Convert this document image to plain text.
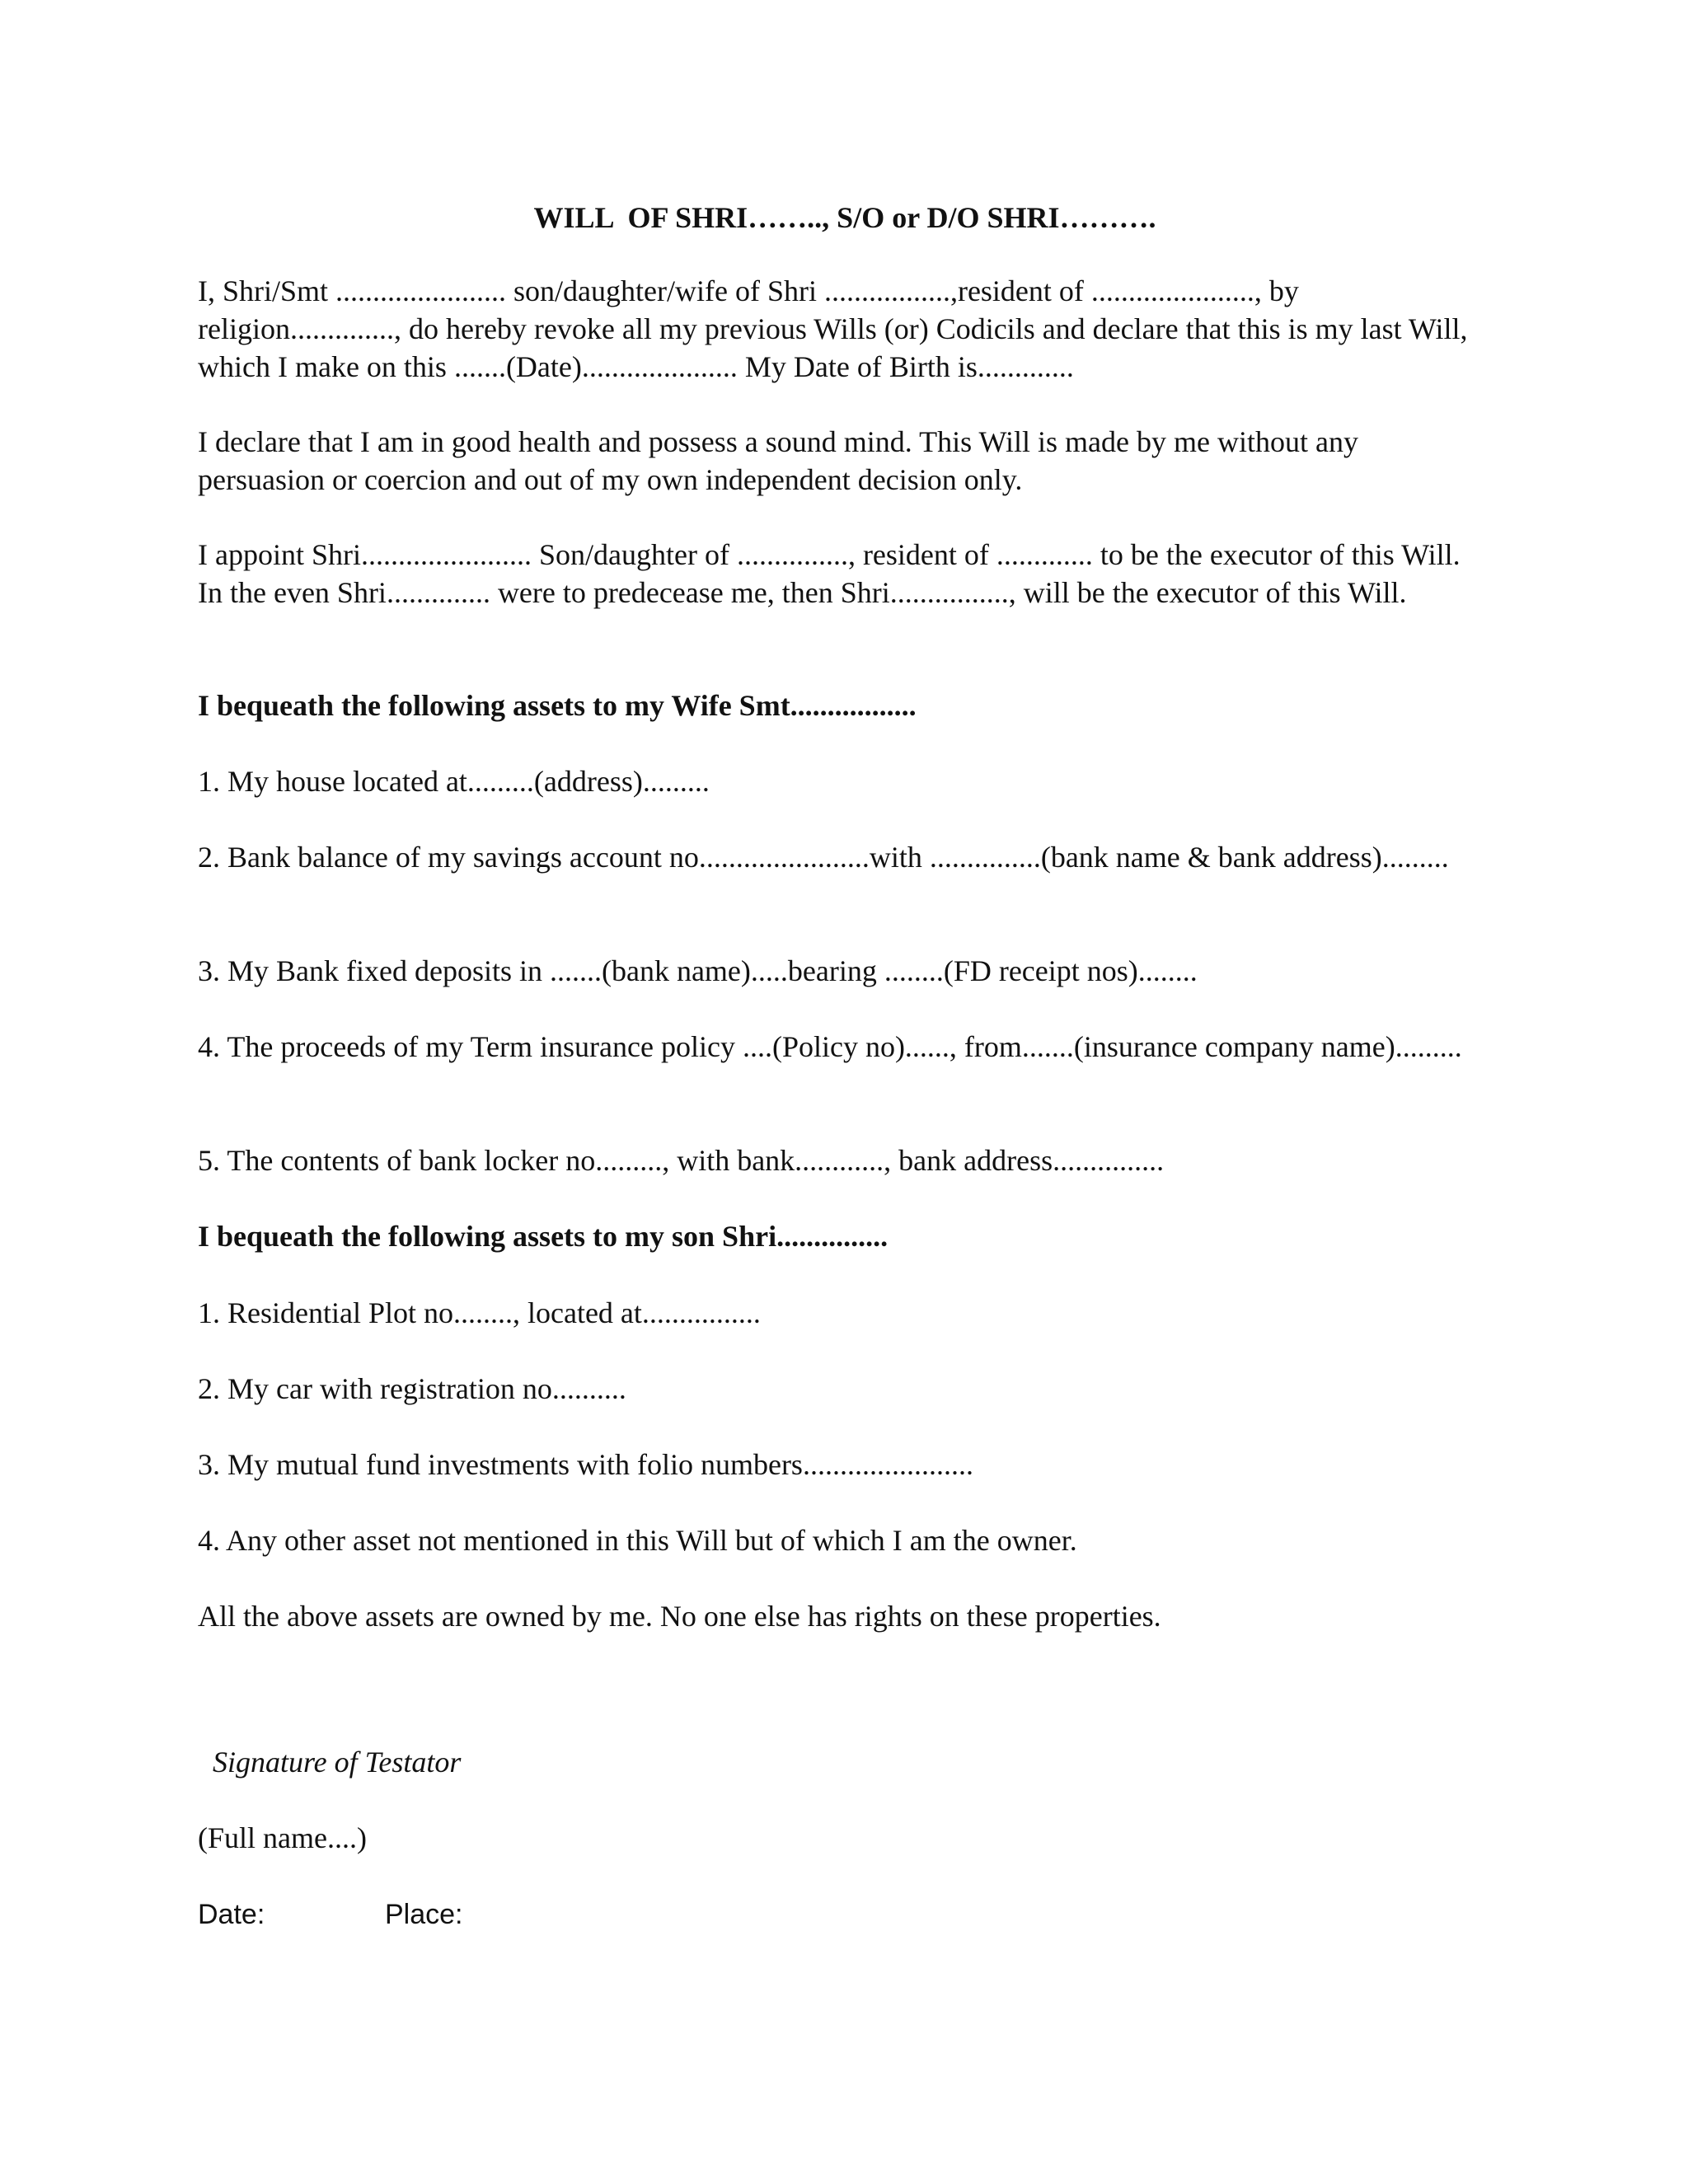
WILL  OF SHRI…….., S/O or D/O SHRI……….

I, Shri/Smt ....................... son/daughter/wife of Shri .................,resident of ......................, by religion.............., do hereby revoke all my previous Wills (or) Codicils and declare that this is my last Will, which I make on this .......(Date)..................... My Date of Birth is.............

I declare that I am in good health and possess a sound mind. This Will is made by me without any persuasion or coercion and out of my own independent decision only.

I appoint Shri....................... Son/daughter of ..............., resident of ............. to be the executor of this Will. In the even Shri.............. were to predecease me, then Shri................, will be the executor of this Will.

I bequeath the following assets to my Wife Smt.................

1. My house located at.........(address).........

2. Bank balance of my savings account no.......................with ...............(bank name & bank address).........

3. My Bank fixed deposits in .......(bank name).....bearing ........(FD receipt nos)........

4. The proceeds of my Term insurance policy ....(Policy no)......, from.......(insurance company name).........

5. The contents of bank locker no........., with bank............, bank address...............

I bequeath the following assets to my son Shri...............

1. Residential Plot no........, located at................

2. My car with registration no..........

3. My mutual fund investments with folio numbers.......................

4. Any other asset not mentioned in this Will but of which I am the owner.

All the above assets are owned by me. No one else has rights on these properties.

Signature of Testator
(Full name....)
Date:	Place:
